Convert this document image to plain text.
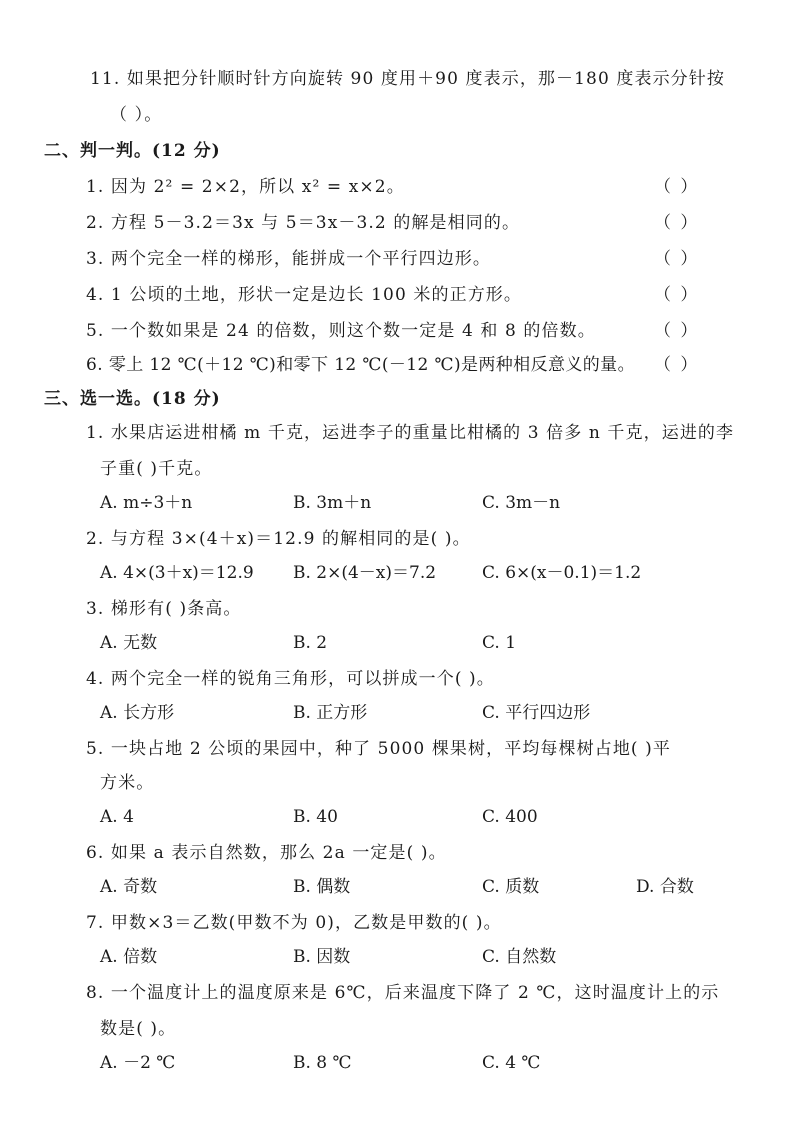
11. 如果把分针顺时针方向旋转 90 度用＋90 度表示，那－180 度表示分针按
（ ）。
二、判一判。(12 分)
1. 因为 2² = 2×2，所以 x² = x×2。	（ ）
2. 方程 5－3.2＝3x 与 5＝3x－3.2 的解是相同的。	（ ）
3. 两个完全一样的梯形，能拼成一个平行四边形。	（ ）
4. 1 公顷的土地，形状一定是边长 100 米的正方形。	（ ）
5. 一个数如果是 24 的倍数，则这个数一定是 4 和 8 的倍数。	（ ）
6. 零上 12 ℃(＋12 ℃)和零下 12 ℃(－12 ℃)是两种相反意义的量。 （ ）
三、选一选。(18 分)
1. 水果店运进柑橘 m 千克，运进李子的重量比柑橘的 3 倍多 n 千克，运进的李
子重( )千克。
A. m÷3＋n	B. 3m＋n	C. 3m－n
2. 与方程 3×(4＋x)＝12.9 的解相同的是( )。
A. 4×(3＋x)＝12.9 B. 2×(4－x)＝7.2	C. 6×(x－0.1)＝1.2
3. 梯形有( )条高。
A. 无数	B. 2	C. 1
4. 两个完全一样的锐角三角形，可以拼成一个( )。
A. 长方形	B. 正方形	C. 平行四边形
5. 一块占地 2 公顷的果园中，种了 5000 棵果树，平均每棵树占地( )平
方米。
A. 4	B. 40	C. 400
6. 如果 a 表示自然数，那么 2a 一定是( )。
A. 奇数	B. 偶数	C. 质数	D. 合数
7. 甲数×3＝乙数(甲数不为 0)，乙数是甲数的( )。
A. 倍数	B. 因数	C. 自然数
8. 一个温度计上的温度原来是 6℃，后来温度下降了 2 ℃，这时温度计上的示
数是( )。
A. －2 ℃	B. 8 ℃	C. 4 ℃
